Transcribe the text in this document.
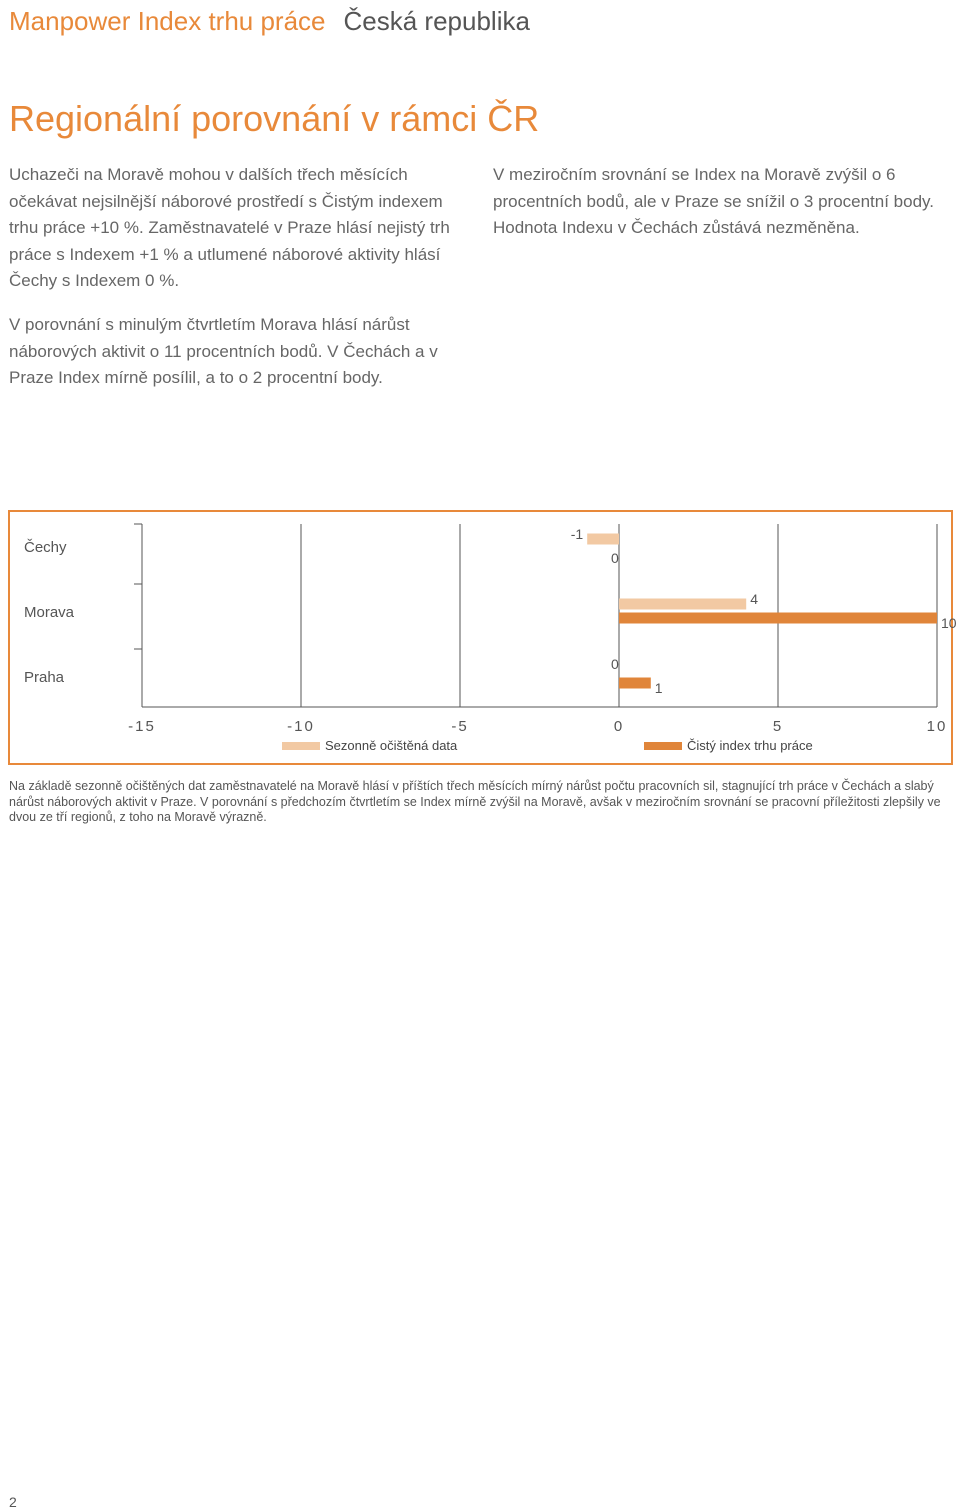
Manpower Index trhu práce Česká republika
Regionální porovnání v rámci ČR

Uchazeči na Moravě mohou v dalších třech měsících očekávat nejsilnější náborové prostředí s Čistým indexem trhu práce +10 %. Zaměstnavatelé v Praze hlásí nejistý trh práce s Indexem +1 % a utlumené náborové aktivity hlásí Čechy s Indexem 0 %.

V meziročním srovnání se Index na Moravě zvýšil o 6 procentních bodů, ale v Praze se snížil o 3 procentní body. Hodnota Indexu v Čechách zůstává nezměněna.

V porovnání s minulým čtvrtletím Morava hlásí nárůst náborových aktivit o 11 procentních bodů. V Čechách a v Praze Index mírně posílil, a to o 2 procentní body.

-15	-10	-5	0	5	10
Čechy
-1
0
Morava
4
10
Praha
0
1
Sezonně očištěná data	Čistý index trhu práce

Na základě sezonně očištěných dat zaměstnavatelé na Moravě hlásí v příštích třech měsících mírný nárůst počtu pracovních sil, stagnující trh práce v Čechách a slabý nárůst náborových aktivit v Praze. V porovnání s předchozím čtvrtletím se Index mírně zvýšil na Moravě, avšak v meziročním srovnání se pracovní příležitosti zlepšily ve dvou ze tří regionů, z toho na Moravě výrazně.

2
